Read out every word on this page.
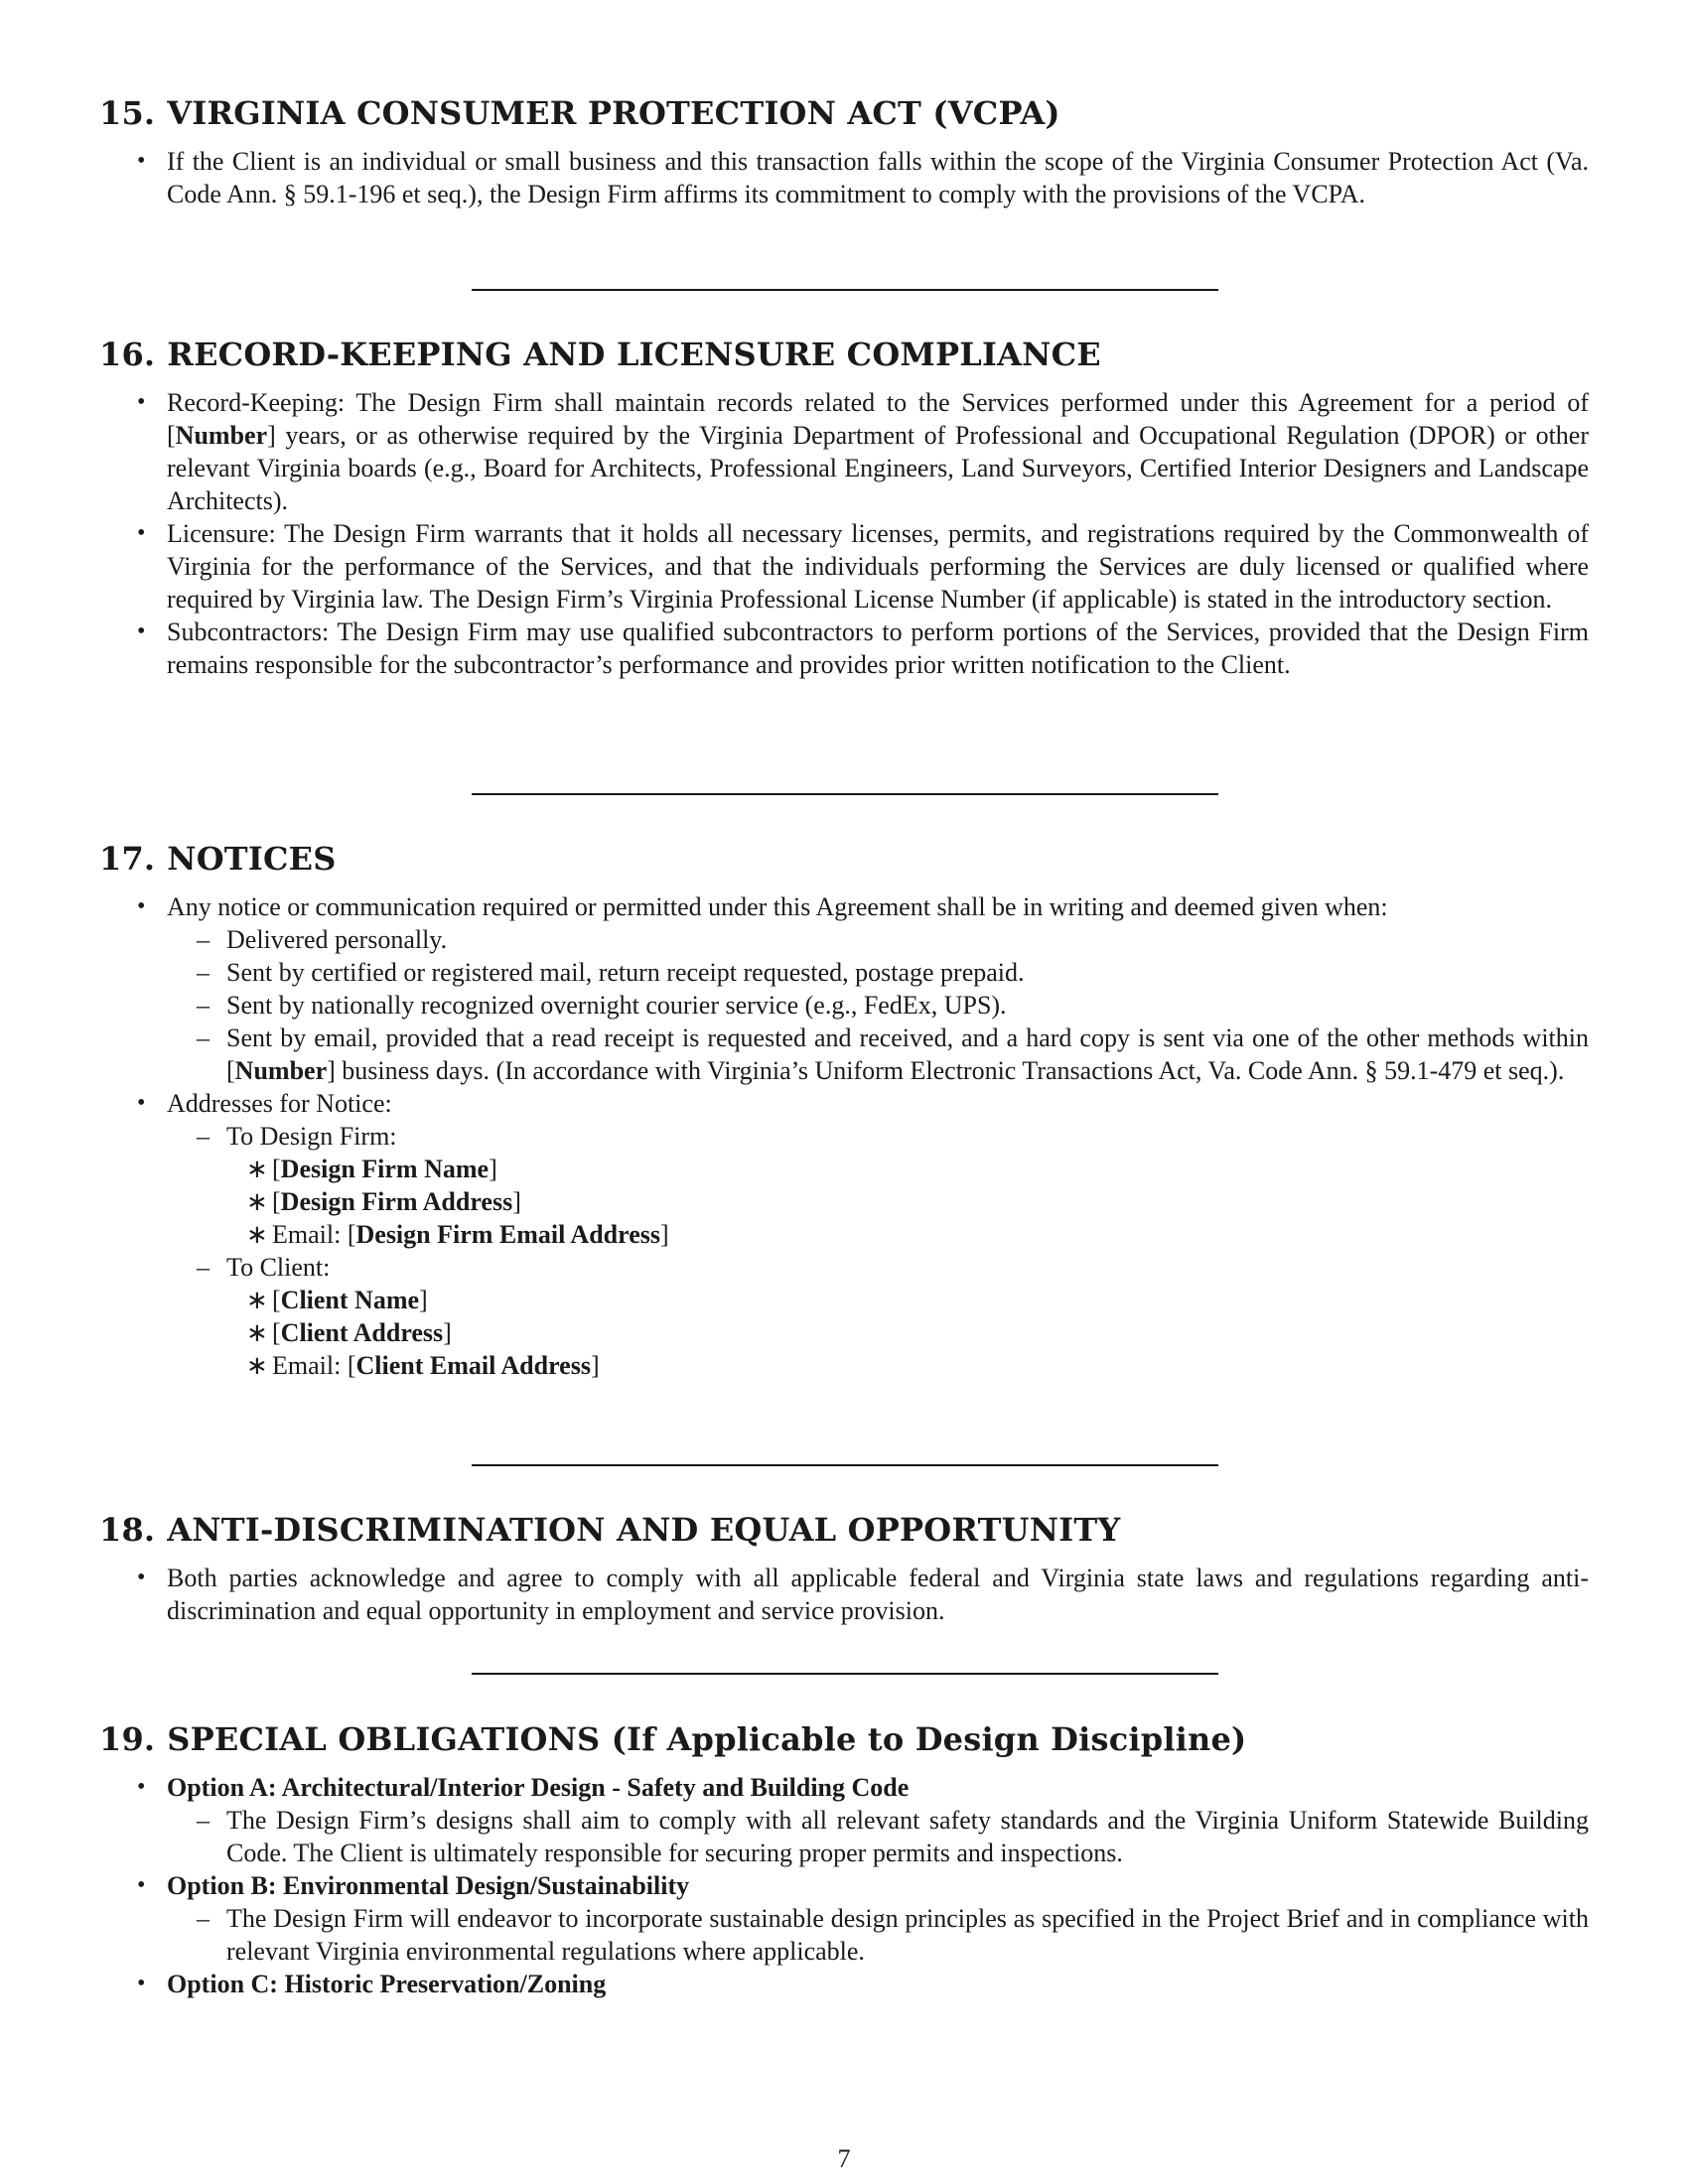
15. VIRGINIA CONSUMER PROTECTION ACT (VCPA)
• If the Client is an individual or small business and this transaction falls within the scope of the Virginia Consumer Protection Act (Va. Code Ann. § 59.1-196 et seq.), the Design Firm affirms its commitment to comply with the provisions of the VCPA.
16. RECORD-KEEPING AND LICENSURE COMPLIANCE
• Record-Keeping: The Design Firm shall maintain records related to the Services performed under this Agreement for a period of [Number] years, or as otherwise required by the Virginia Department of Professional and Occupational Regulation (DPOR) or other relevant Virginia boards (e.g., Board for Architects, Professional Engineers, Land Surveyors, Certified Interior Designers and Landscape Architects).
• Licensure: The Design Firm warrants that it holds all necessary licenses, permits, and registrations required by the Commonwealth of Virginia for the performance of the Services, and that the individuals performing the Services are duly licensed or qualified where required by Virginia law. The Design Firm’s Virginia Professional License Number (if applicable) is stated in the introductory section.
• Subcontractors: The Design Firm may use qualified subcontractors to perform portions of the Services, provided that the Design Firm remains responsible for the subcontractor’s performance and provides prior written notification to the Client.
17. NOTICES
• Any notice or communication required or permitted under this Agreement shall be in writing and deemed given when:
– Delivered personally.
– Sent by certified or registered mail, return receipt requested, postage prepaid.
– Sent by nationally recognized overnight courier service (e.g., FedEx, UPS).
– Sent by email, provided that a read receipt is requested and received, and a hard copy is sent via one of the other methods within [Number] business days. (In accordance with Virginia’s Uniform Electronic Transactions Act, Va. Code Ann. § 59.1-479 et seq.).
• Addresses for Notice:
– To Design Firm:
∗ [Design Firm Name]
∗ [Design Firm Address]
∗ Email: [Design Firm Email Address]
– To Client:
∗ [Client Name]
∗ [Client Address]
∗ Email: [Client Email Address]
18. ANTI-DISCRIMINATION AND EQUAL OPPORTUNITY
• Both parties acknowledge and agree to comply with all applicable federal and Virginia state laws and regulations regarding anti-discrimination and equal opportunity in employment and service provision.
19. SPECIAL OBLIGATIONS (If Applicable to Design Discipline)
• Option A: Architectural/Interior Design - Safety and Building Code
– The Design Firm’s designs shall aim to comply with all relevant safety standards and the Virginia Uniform Statewide Building Code. The Client is ultimately responsible for securing proper permits and inspections.
• Option B: Environmental Design/Sustainability
– The Design Firm will endeavor to incorporate sustainable design principles as specified in the Project Brief and in compliance with relevant Virginia environmental regulations where applicable.
• Option C: Historic Preservation/Zoning
7
